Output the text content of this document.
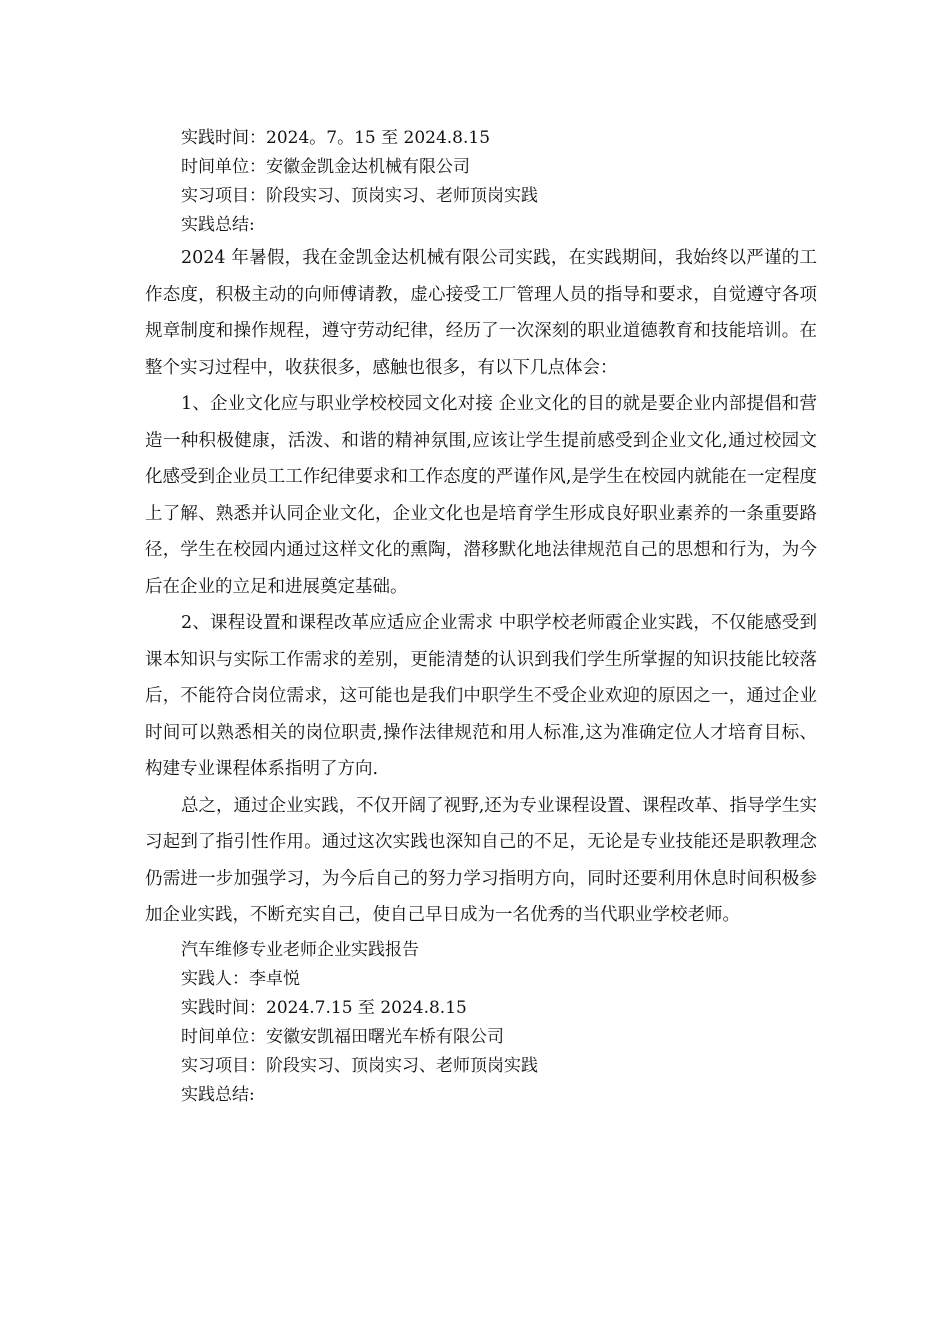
实践时间：2024。7。15 至 2024.8.15
时间单位：安徽金凯金达机械有限公司
实习项目：阶段实习、顶岗实习、老师顶岗实践
实践总结:

2024 年暑假，我在金凯金达机械有限公司实践，在实践期间，我始终以严谨的工作态度，积极主动的向师傅请教，虚心接受工厂管理人员的指导和要求，自觉遵守各项规章制度和操作规程，遵守劳动纪律，经历了一次深刻的职业道德教育和技能培训。在整个实习过程中，收获很多，感触也很多，有以下几点体会：

1、企业文化应与职业学校校园文化对接 企业文化的目的就是要企业内部提倡和营造一种积极健康，活泼、和谐的精神氛围,应该让学生提前感受到企业文化,通过校园文化感受到企业员工工作纪律要求和工作态度的严谨作风,是学生在校园内就能在一定程度上了解、熟悉并认同企业文化，企业文化也是培育学生形成良好职业素养的一条重要路径，学生在校园内通过这样文化的熏陶，潜移默化地法律规范自己的思想和行为，为今后在企业的立足和进展奠定基础。

2、课程设置和课程改革应适应企业需求 中职学校老师霞企业实践，不仅能感受到课本知识与实际工作需求的差别，更能清楚的认识到我们学生所掌握的知识技能比较落后，不能符合岗位需求，这可能也是我们中职学生不受企业欢迎的原因之一，通过企业时间可以熟悉相关的岗位职责,操作法律规范和用人标准,这为准确定位人才培育目标、构建专业课程体系指明了方向.

总之，通过企业实践，不仅开阔了视野,还为专业课程设置、课程改革、指导学生实习起到了指引性作用。通过这次实践也深知自己的不足，无论是专业技能还是职教理念仍需进一步加强学习，为今后自己的努力学习指明方向，同时还要利用休息时间积极参加企业实践，不断充实自己，使自己早日成为一名优秀的当代职业学校老师。

汽车维修专业老师企业实践报告
实践人：李卓悦
实践时间：2024.7.15 至 2024.8.15
时间单位：安徽安凯福田曙光车桥有限公司
实习项目：阶段实习、顶岗实习、老师顶岗实践
实践总结:
